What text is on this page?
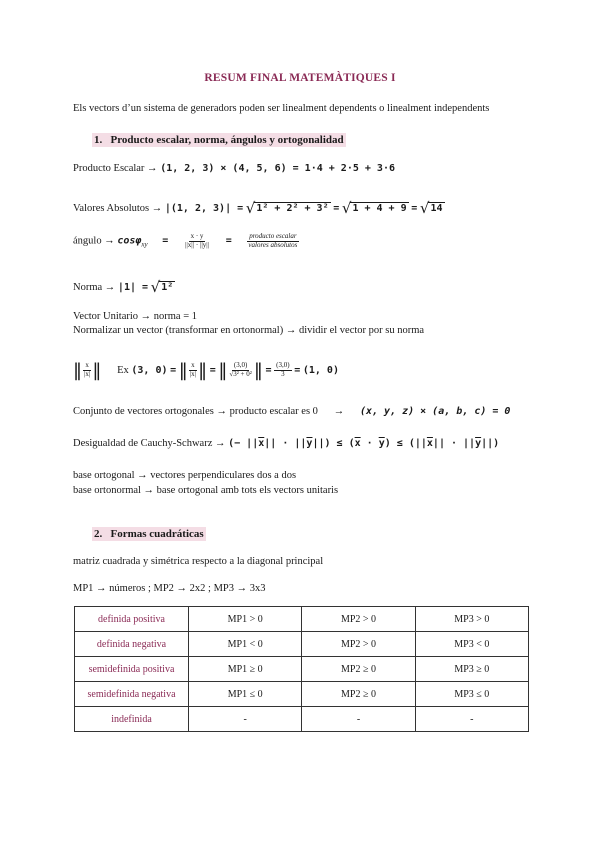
RESUM FINAL MATEMÀTIQUES I
Els vectors d’un sistema de generadors poden ser linealment dependents o linealment independents
1. Producto escalar, norma, ángulos y ortogonalidad
Producto Escalar → (1, 2, 3) × (4, 5, 6) = 1·4 + 2·5 + 3·6
Valores Absolutos → |(1, 2, 3)| = √1² + 2² + 3² = √1 + 4 + 9 = √14
ángulo → $\cos\varphi_{xy} = \frac{x \cdot y}{||x|| \cdot ||y||} = \frac{\text{producto escalar}}{\text{valores absolutos}}$
Norma → |1| = √1²
Vector Unitario → norma = 1
Normalizar un vector (transformar en ortonormal) → dividir el vector por su norma
‖ $\frac{x}{|x|}$ ‖ Ex (3, 0) = ‖ $\frac{x}{|x|}$ ‖ = ‖ $\frac{(3,0)}{\text{√3² + 0²}}$ ‖ = $\frac{(3,0)}{3} = (1$, 0)
Conjunto de vectores ortogonales → producto escalar es 0      →      (x, y, z) × (a, b, c) = 0
Desigualdad de Cauchy-Schwarz → (− $||\overline{x}|| \cdot ||\overline{y}||) \le (\overline{x} \cdot \overline{y}) \le (||\overline{x}|| \cdot ||\overline{y}||)$
base ortogonal → vectores perpendiculares dos a dos
base ortonormal → base ortogonal amb tots els vectors unitaris
2. Formas cuadráticas
matriz cuadrada y simétrica respecto a la diagonal principal
MP1 → números ; MP2 → 2x2 ; MP3 → 3x3
definida positiva	MP1 > 0	MP2 > 0	MP3 > 0
definida negativa	MP1 < 0	MP2 > 0	MP3 < 0
semidefinida positiva	MP1 ≥ 0	MP2 ≥ 0	MP3 ≥ 0
semidefinida negativa	MP1 ≤ 0	MP2 ≥ 0	MP3 ≤ 0
indefinida	-	-	-
